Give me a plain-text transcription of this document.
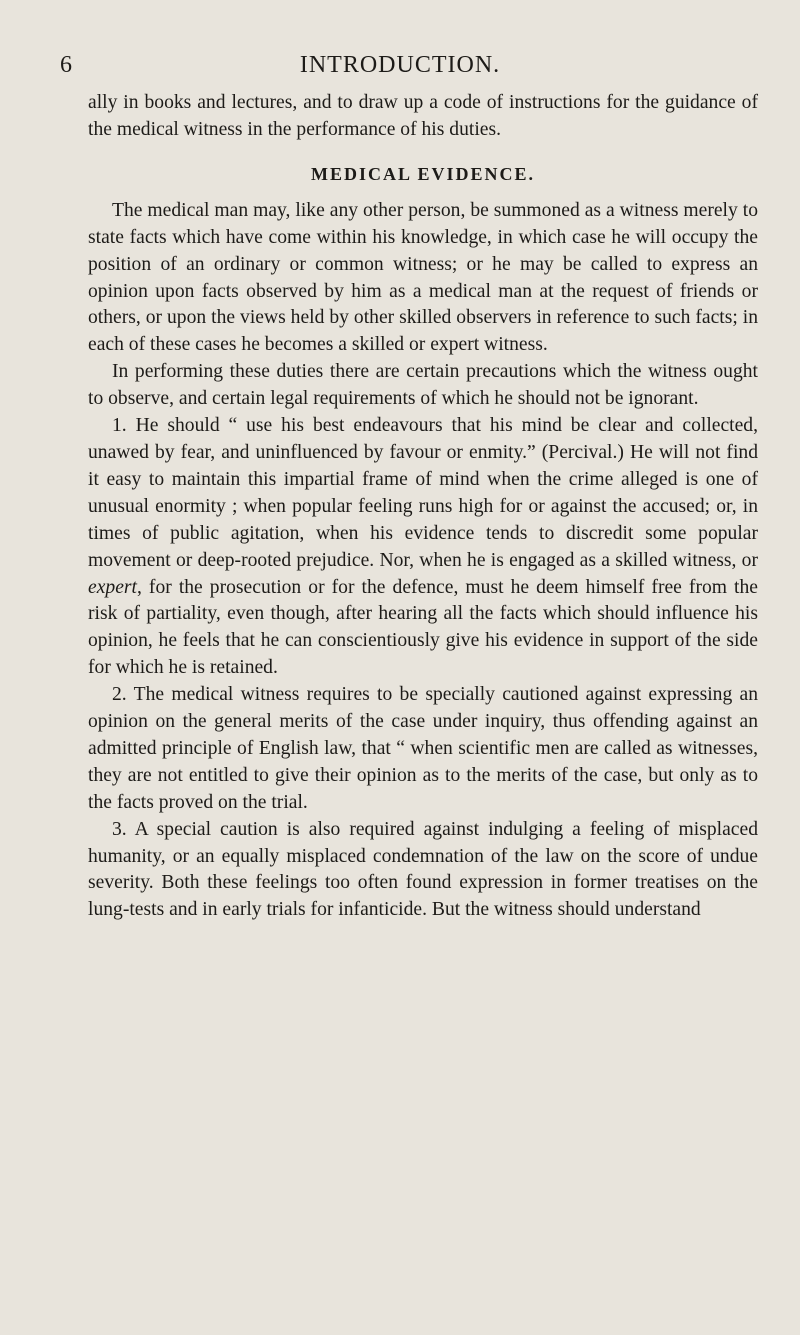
6	INTRODUCTION.

ally in books and lectures, and to draw up a code of instructions for the guidance of the medical witness in the performance of his duties.

MEDICAL EVIDENCE.

The medical man may, like any other person, be summoned as a witness merely to state facts which have come within his knowledge, in which case he will occupy the position of an ordinary or common witness; or he may be called to express an opinion upon facts observed by him as a medical man at the request of friends or others, or upon the views held by other skilled observers in reference to such facts; in each of these cases he becomes a skilled or expert witness.

In performing these duties there are certain precautions which the witness ought to observe, and certain legal requirements of which he should not be ignorant.

1. He should “ use his best endeavours that his mind be clear and collected, unawed by fear, and uninfluenced by favour or enmity.” (Percival.) He will not find it easy to maintain this impartial frame of mind when the crime alleged is one of unusual enormity ; when popular feeling runs high for or against the accused; or, in times of public agitation, when his evidence tends to discredit some popular movement or deep-rooted prejudice. Nor, when he is engaged as a skilled witness, or expert, for the prosecution or for the defence, must he deem himself free from the risk of partiality, even though, after hearing all the facts which should influence his opinion, he feels that he can conscientiously give his evidence in support of the side for which he is retained.

2. The medical witness requires to be specially cautioned against expressing an opinion on the general merits of the case under inquiry, thus offending against an admitted principle of English law, that “ when scientific men are called as witnesses, they are not entitled to give their opinion as to the merits of the case, but only as to the facts proved on the trial.

3. A special caution is also required against indulging a feeling of misplaced humanity, or an equally misplaced condemnation of the law on the score of undue severity. Both these feelings too often found expression in former treatises on the lung-tests and in early trials for infanticide. But the witness should understand
